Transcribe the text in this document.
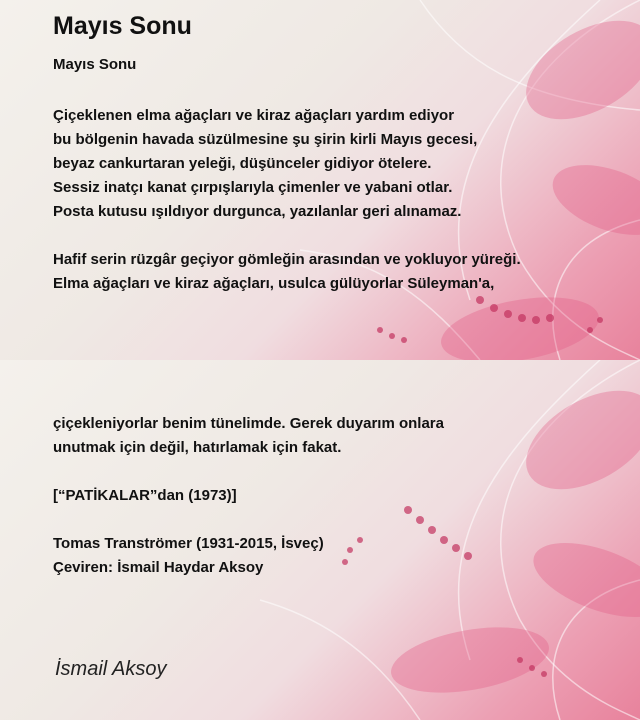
Mayıs Sonu
Mayıs Sonu
Çiçeklenen elma ağaçları ve kiraz ağaçları yardım ediyor
bu bölgenin havada süzülmesine şu şirin kirli Mayıs gecesi,
beyaz cankurtaran yeleği, düşünceler gidiyor ötelere.
Sessiz inatçı kanat çırpışlarıyla çimenler ve yabani otlar.
Posta kutusu ışıldıyor durgunca, yazılanlar geri alınamaz.
Hafif serin rüzgâr geçiyor gömleğin arasından ve yokluyor yüreği.
Elma ağaçları ve kiraz ağaçları, usulca gülüyorlar Süleyman'a,
çiçekleniyorlar benim tünelimde. Gerek duyarım onlara
unutmak için değil, hatırlamak için fakat.
[“PATİKALAR”dan (1973)]
Tomas Tranströmer (1931-2015, İsveç)
Çeviren: İsmail Haydar Aksoy
İsmail Aksoy
